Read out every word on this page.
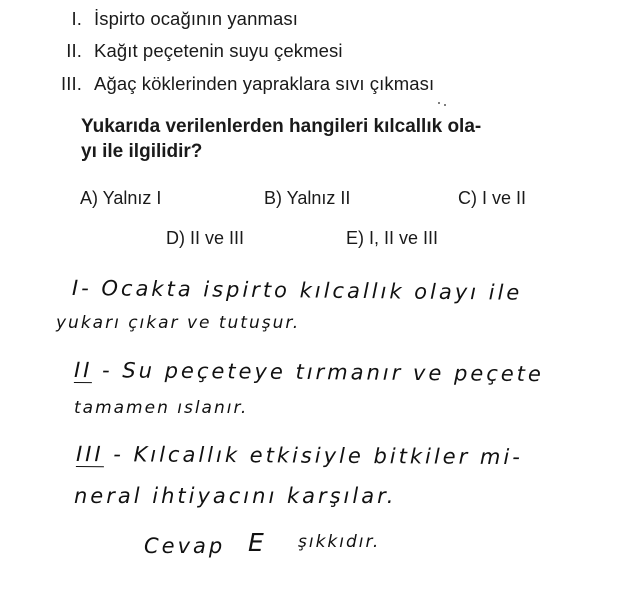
I. İspirto ocağının yanması
II. Kağıt peçetenin suyu çekmesi
III. Ağaç köklerinden yapraklara sıvı çıkması
Yukarıda verilenlerden hangileri kılcallık ola-
yı ile ilgilidir?
A) Yalnız I	B) Yalnız II	C) I ve II
D) II ve III	E) I, II ve III
I- Ocakta ispirto kılcallık olayı ile
yukarı çıkar ve tutuşur.
II - Su peçeteye tırmanır ve peçete
tamamen ıslanır.
III - Kılcallık etkisiyle bitkiler mi-
neral ihtiyacını karşılar.
Cevap E şıkkıdır.
